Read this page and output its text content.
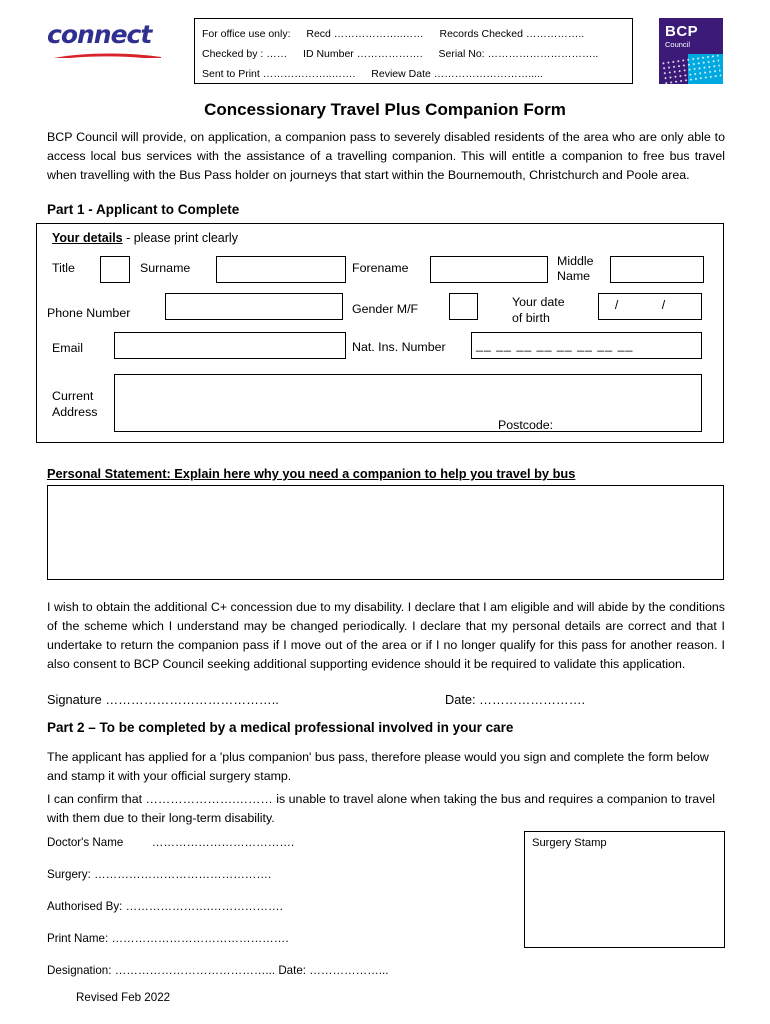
connect	For office use only: Recd ………………..…… Records Checked ……………..
Checked by : …… ID Number ………………. Serial No: …………………………..
Sent to Print ………………..……. Review Date ……………………….....
BCP
Council
Concessionary Travel Plus Companion Form
BCP Council will provide, on application, a companion pass to severely disabled residents of the area who are only able to access local bus services with the assistance of a travelling companion. This will entitle a companion to free bus travel when travelling with the Bus Pass holder on journeys that start within the Bournemouth, Christchurch and Poole area.
Part 1 - Applicant to Complete
Your details - please print clearly
Title	Surname	Forename	Middle
Name
Phone Number	Gender M/F	Your date
of birth
/ /
Email	Nat. Ins. Number __ __ __ __ __ __ __ __
Current
Address
Postcode:
Personal Statement: Explain here why you need a companion to help you travel by bus
I wish to obtain the additional C+ concession due to my disability. I declare that I am eligible and will abide by the conditions of the scheme which I understand may be changed periodically. I declare that my personal details are correct and that I undertake to return the companion pass if I move out of the area or if I no longer qualify for this pass for another reason. I also consent to BCP Council seeking additional supporting evidence should it be required to validate this application.
Signature …………………………………..	Date: …………………….
Part 2 – To be completed by a medical professional involved in your care
The applicant has applied for a 'plus companion' bus pass, therefore please would you sign and complete the form below and stamp it with your official surgery stamp.
I can confirm that ………………….……… is unable to travel alone when taking the bus and requires a companion to travel with them due to their long-term disability.
Doctor's Name ……………………………….
Surgery: ……………………………………….
Authorised By: ………………….……………….
Print Name: ……………………………………….
Designation: …………………………………... Date: ………………...
Surgery Stamp
Revised Feb 2022
